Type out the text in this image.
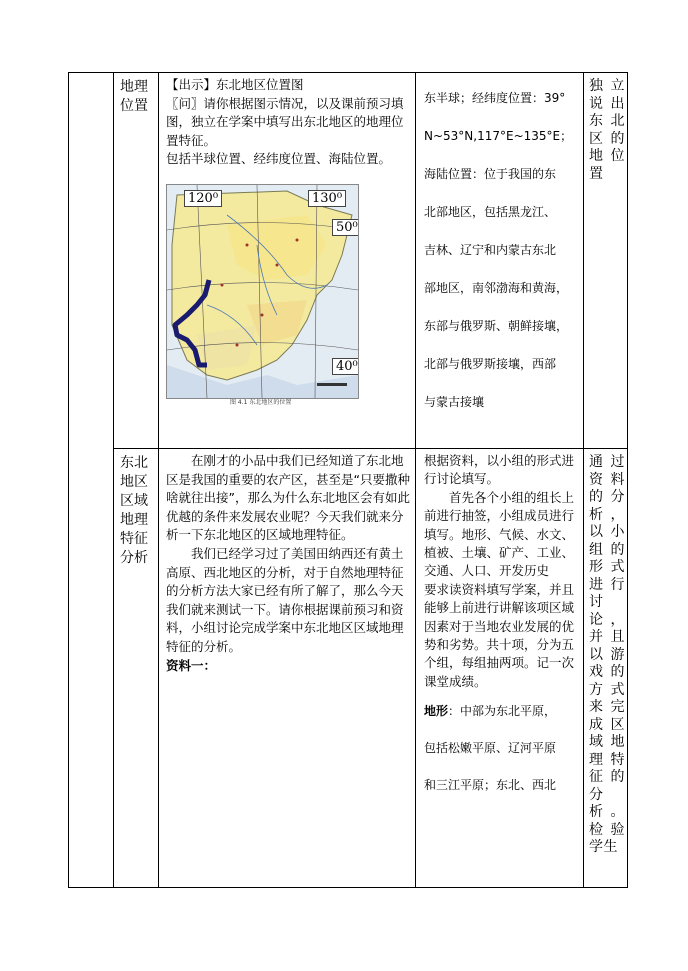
地理位置

【出示】东北地区位置图

〖问〗请你根据图示情况，以及课前预习填图，独立在学案中填写出东北地区的地理位置特征。

包括半球位置、经纬度位置、海陆位置。

120⁰	130⁰
50⁰
40⁰
图 4.1 东北地区的位置

东半球；经纬度位置：39°

N~53°N,117°E~135°E；

海陆位置：位于我国的东

北部地区，包括黑龙江、

吉林、辽宁和内蒙古东北

部地区，南邻渤海和黄海，

东部与俄罗斯、朝鲜接壤，

北部与俄罗斯接壤，西部

与蒙古接壤

独立说出东北区的地位置
东北地区区域地理特征分析

在刚才的小品中我们已经知道了东北地区是我国的重要的农产区，甚至是“只要撒种 啥就往出接”，那么为什么东北地区会有如此优越的条件来发展农业呢？今天我们就来分析一下东北地区的区域地理特征。

我们已经学习过了美国田纳西还有黄土高原、西北地区的分析，对于自然地理特征的分析方法大家已经有所了解了，那么今天我们就来测试一下。请你根据课前预习和资料，小组讨论完成学案中东北地区区域地理特征的分析。

资料一：

根据资料，以小组的形式进行讨论填写。

首先各个小组的组长上前进行抽签，小组成员进行填写。地形、气候、水文、植被、土壤、矿产、工业、交通、人口、开发历史

要求读资料填写学案，并且能够上前进行讲解该项区域因素对于当地农业发展的优势和劣势。共十项，分为五个组，每组抽两项。记一次课堂成绩。

地形：中部为东北平原，

包括松嫩平原、辽河平原

和三江平原；东北、西北

通过资料的分析，以小组的形式进行讨论，并且以游戏的方式来完成区域地理特征的分析。检验学生
